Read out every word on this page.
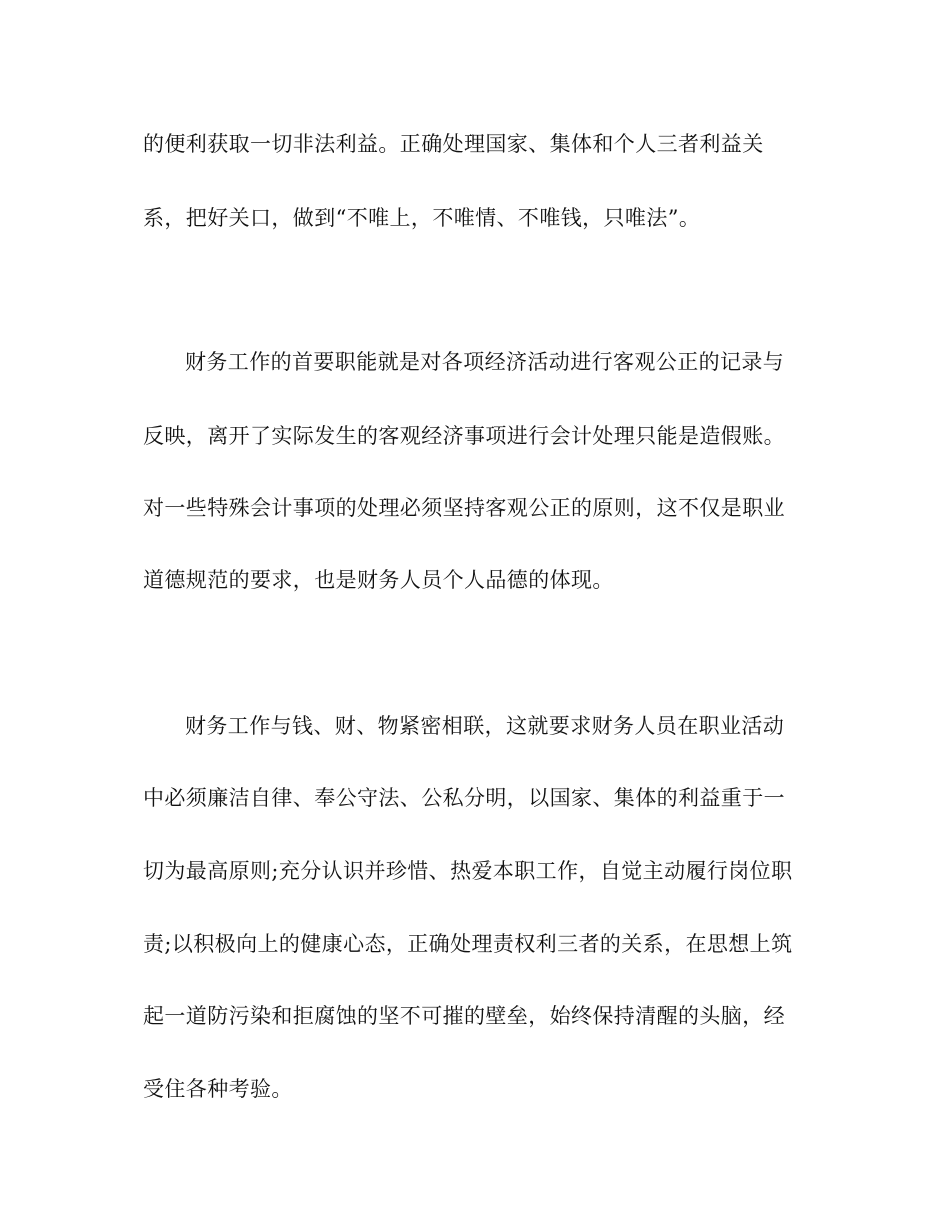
的便利获取一切非法利益。正确处理国家、集体和个人三者利益关
系，把好关口，做到“不唯上，不唯情、不唯钱，只唯法”。
财务工作的首要职能就是对各项经济活动进行客观公正的记录与
反映，离开了实际发生的客观经济事项进行会计处理只能是造假账。
对一些特殊会计事项的处理必须坚持客观公正的原则，这不仅是职业
道德规范的要求，也是财务人员个人品德的体现。
财务工作与钱、财、物紧密相联，这就要求财务人员在职业活动
中必须廉洁自律、奉公守法、公私分明，以国家、集体的利益重于一
切为最高原则;充分认识并珍惜、热爱本职工作，自觉主动履行岗位职
责;以积极向上的健康心态，正确处理责权利三者的关系，在思想上筑
起一道防污染和拒腐蚀的坚不可摧的壁垒，始终保持清醒的头脑，经
受住各种考验。
